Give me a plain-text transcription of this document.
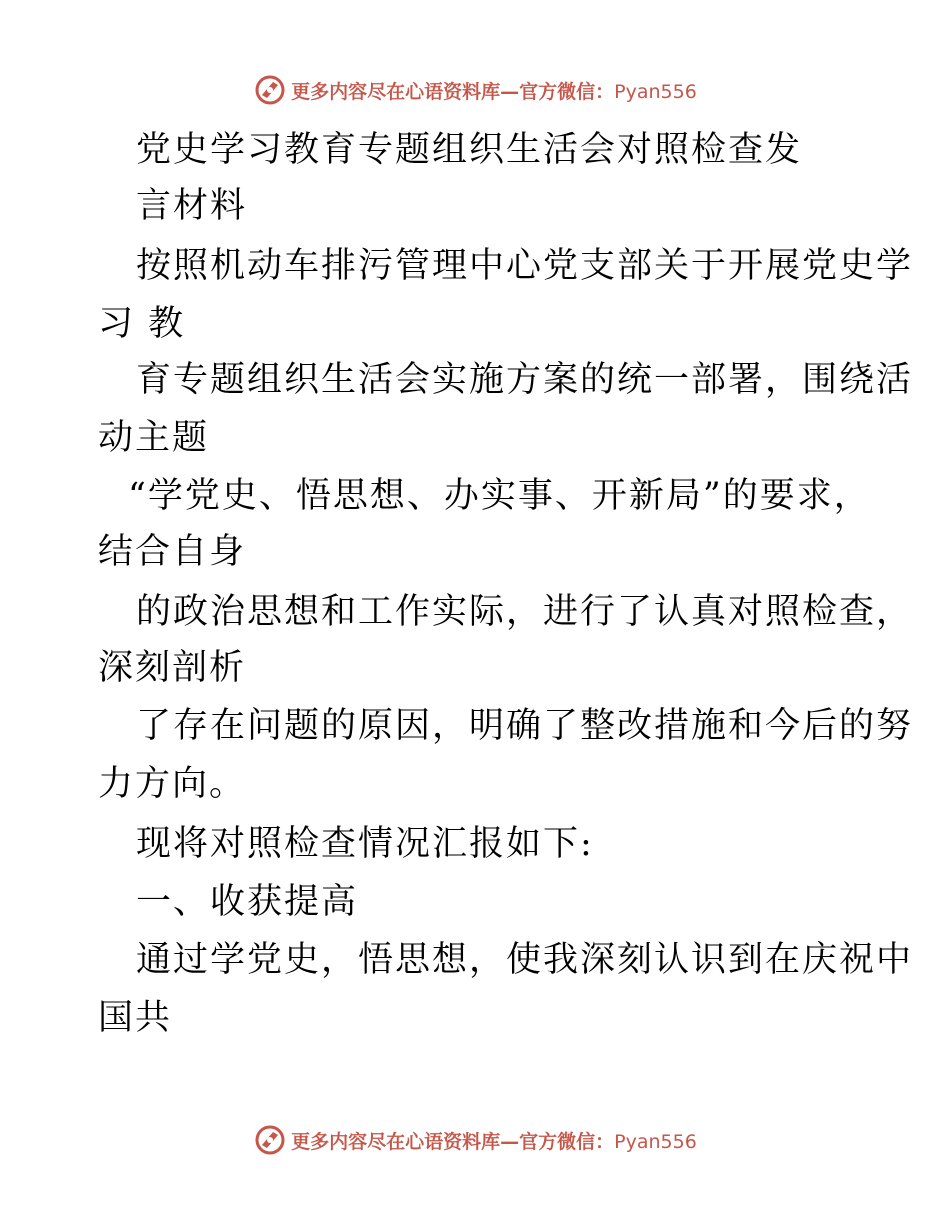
更多内容尽在心语资料库—官方微信：Pyan556
党史学习教育专题组织生活会对照检查发
言材料
按照机动车排污管理中心党支部关于开展党史学
习 教
育专题组织生活会实施方案的统一部署，围绕活
动主题
“学党史、悟思想、办实事、开新局”的要求，
结合自身
的政治思想和工作实际，进行了认真对照检查，
深刻剖析
了存在问题的原因，明确了整改措施和今后的努
力方向。
现将对照检查情况汇报如下:
一、收获提高
通过学党史，悟思想，使我深刻认识到在庆祝中
国共
更多内容尽在心语资料库—官方微信：Pyan556
